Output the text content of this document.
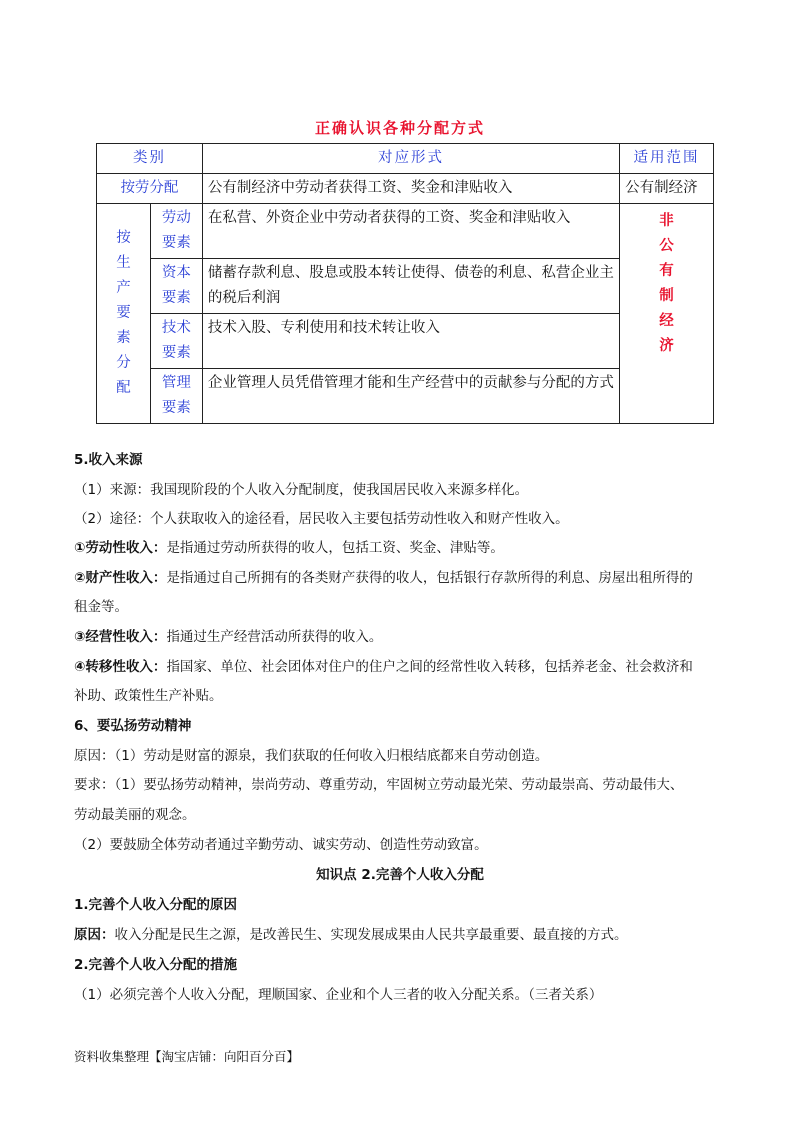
正确认识各种分配方式
类别		对应形式	适用范围
按劳分配		公有制经济中劳动者获得工资、奖金和津贴收入	公有制经济
按生产要素分配	劳动要素	在私营、外资企业中劳动者获得的工资、奖金和津贴收入	非公有制经济
	资本要素	储蓄存款利息、股息或股本转让使得、债卷的利息、私营企业主的税后利润	
	技术要素	技术入股、专利使用和技术转让收入	
	管理要素	企业管理人员凭借管理才能和生产经营中的贡献参与分配的方式	

5.收入来源

（1）来源：我国现阶段的个人收入分配制度，使我国居民收入来源多样化。

（2）途径：个人获取收入的途径看，居民收入主要包括劳动性收入和财产性收入。

①劳动性收入：是指通过劳动所获得的收人，包括工资、奖金、津贴等。

②财产性收入：是指通过自己所拥有的各类财产获得的收人，包括银行存款所得的利息、房屋出租所得的

租金等。

③经营性收入：指通过生产经营活动所获得的收入。

④转移性收入：指国家、单位、社会团体对住户的住户之间的经常性收入转移，包括养老金、社会救济和

补助、政策性生产补贴。

6、要弘扬劳动精神

原因：（1）劳动是财富的源泉，我们获取的任何收入归根结底都来自劳动创造。

要求：（1）要弘扬劳动精神，崇尚劳动、尊重劳动，牢固树立劳动最光荣、劳动最崇高、劳动最伟大、

劳动最美丽的观念。

（2）要鼓励全体劳动者通过辛勤劳动、诚实劳动、创造性劳动致富。

知识点 2.完善个人收入分配

1.完善个人收入分配的原因

原因：收入分配是民生之源，是改善民生、实现发展成果由人民共享最重要、最直接的方式。

2.完善个人收入分配的措施

（1）必须完善个人收入分配，理顺国家、企业和个人三者的收入分配关系。（三者关系）

资料收集整理【淘宝店铺：向阳百分百】
